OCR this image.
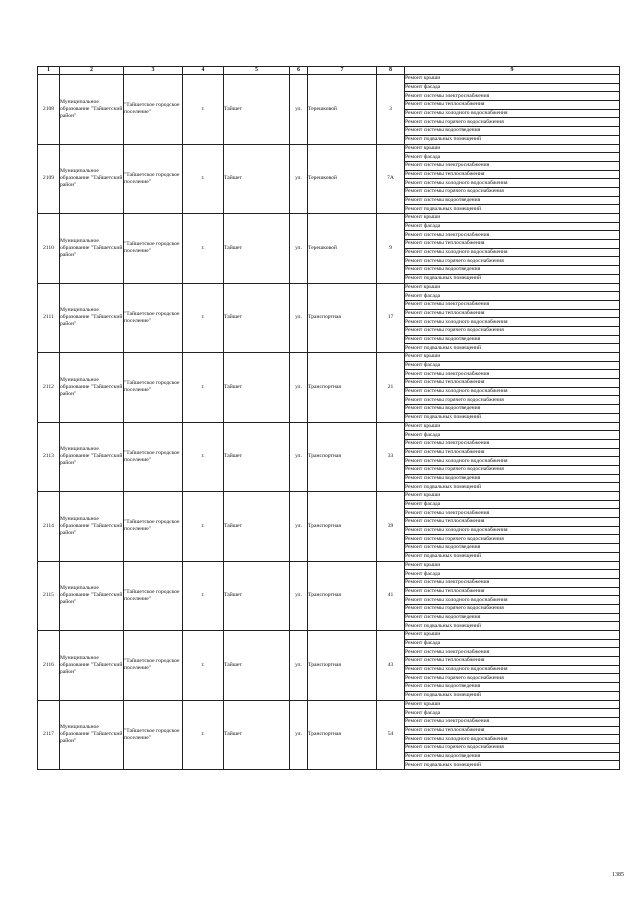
1	2	3	4	5	6	7	8	9
2108	Муниципальное образование "Тайшетский район"	"Тайшетское городское поселение"	г.	Тайшет	ул.	Терешковой	3	Ремонт крыши
								Ремонт фасада
								Ремонт системы электроснабжения
								Ремонт системы теплоснабжения
								Ремонт системы холодного водоснабжения
								Ремонт системы горячего водоснабжения
								Ремонт системы водоотведения
								Ремонт подвальных помещений
2109	Муниципальное образование "Тайшетский район"	"Тайшетское городское поселение"	г.	Тайшет	ул.	Терешковой	7А	Ремонт крыши
								Ремонт фасада
								Ремонт системы электроснабжения
								Ремонт системы теплоснабжения
								Ремонт системы холодного водоснабжения
								Ремонт системы горячего водоснабжения
								Ремонт системы водоотведения
								Ремонт подвальных помещений
2110	Муниципальное образование "Тайшетский район"	"Тайшетское городское поселение"	г.	Тайшет	ул.	Терешковой	9	Ремонт крыши
								Ремонт фасада
								Ремонт системы электроснабжения
								Ремонт системы теплоснабжения
								Ремонт системы холодного водоснабжения
								Ремонт системы горячего водоснабжения
								Ремонт системы водоотведения
								Ремонт подвальных помещений
2111	Муниципальное образование "Тайшетский район"	"Тайшетское городское поселение"	г.	Тайшет	ул.	Транспортная	17	Ремонт крыши
								Ремонт фасада
								Ремонт системы электроснабжения
								Ремонт системы теплоснабжения
								Ремонт системы холодного водоснабжения
								Ремонт системы горячего водоснабжения
								Ремонт системы водоотведения
								Ремонт подвальных помещений
2112	Муниципальное образование "Тайшетский район"	"Тайшетское городское поселение"	г.	Тайшет	ул.	Транспортная	21	Ремонт крыши
								Ремонт фасада
								Ремонт системы электроснабжения
								Ремонт системы теплоснабжения
								Ремонт системы холодного водоснабжения
								Ремонт системы горячего водоснабжения
								Ремонт системы водоотведения
								Ремонт подвальных помещений
2113	Муниципальное образование "Тайшетский район"	"Тайшетское городское поселение"	г.	Тайшет	ул.	Транспортная	33	Ремонт крыши
								Ремонт фасада
								Ремонт системы электроснабжения
								Ремонт системы теплоснабжения
								Ремонт системы холодного водоснабжения
								Ремонт системы горячего водоснабжения
								Ремонт системы водоотведения
								Ремонт подвальных помещений
2114	Муниципальное образование "Тайшетский район"	"Тайшетское городское поселение"	г.	Тайшет	ул.	Транспортная	39	Ремонт крыши
								Ремонт фасада
								Ремонт системы электроснабжения
								Ремонт системы теплоснабжения
								Ремонт системы холодного водоснабжения
								Ремонт системы горячего водоснабжения
								Ремонт системы водоотведения
								Ремонт подвальных помещений
2115	Муниципальное образование "Тайшетский район"	"Тайшетское городское поселение"	г.	Тайшет	ул.	Транспортная	41	Ремонт крыши
								Ремонт фасада
								Ремонт системы электроснабжения
								Ремонт системы теплоснабжения
								Ремонт системы холодного водоснабжения
								Ремонт системы горячего водоснабжения
								Ремонт системы водоотведения
								Ремонт подвальных помещений
2116	Муниципальное образование "Тайшетский район"	"Тайшетское городское поселение"	г.	Тайшет	ул.	Транспортная	43	Ремонт крыши
								Ремонт фасада
								Ремонт системы электроснабжения
								Ремонт системы теплоснабжения
								Ремонт системы холодного водоснабжения
								Ремонт системы горячего водоснабжения
								Ремонт системы водоотведения
								Ремонт подвальных помещений
2117	Муниципальное образование "Тайшетский район"	"Тайшетское городское поселение"	г.	Тайшет	ул.	Транспортная	54	Ремонт крыши
								Ремонт фасада
								Ремонт системы электроснабжения
								Ремонт системы теплоснабжения
								Ремонт системы холодного водоснабжения
								Ремонт системы горячего водоснабжения
								Ремонт системы водоотведения
								Ремонт подвальных помещений
1385
